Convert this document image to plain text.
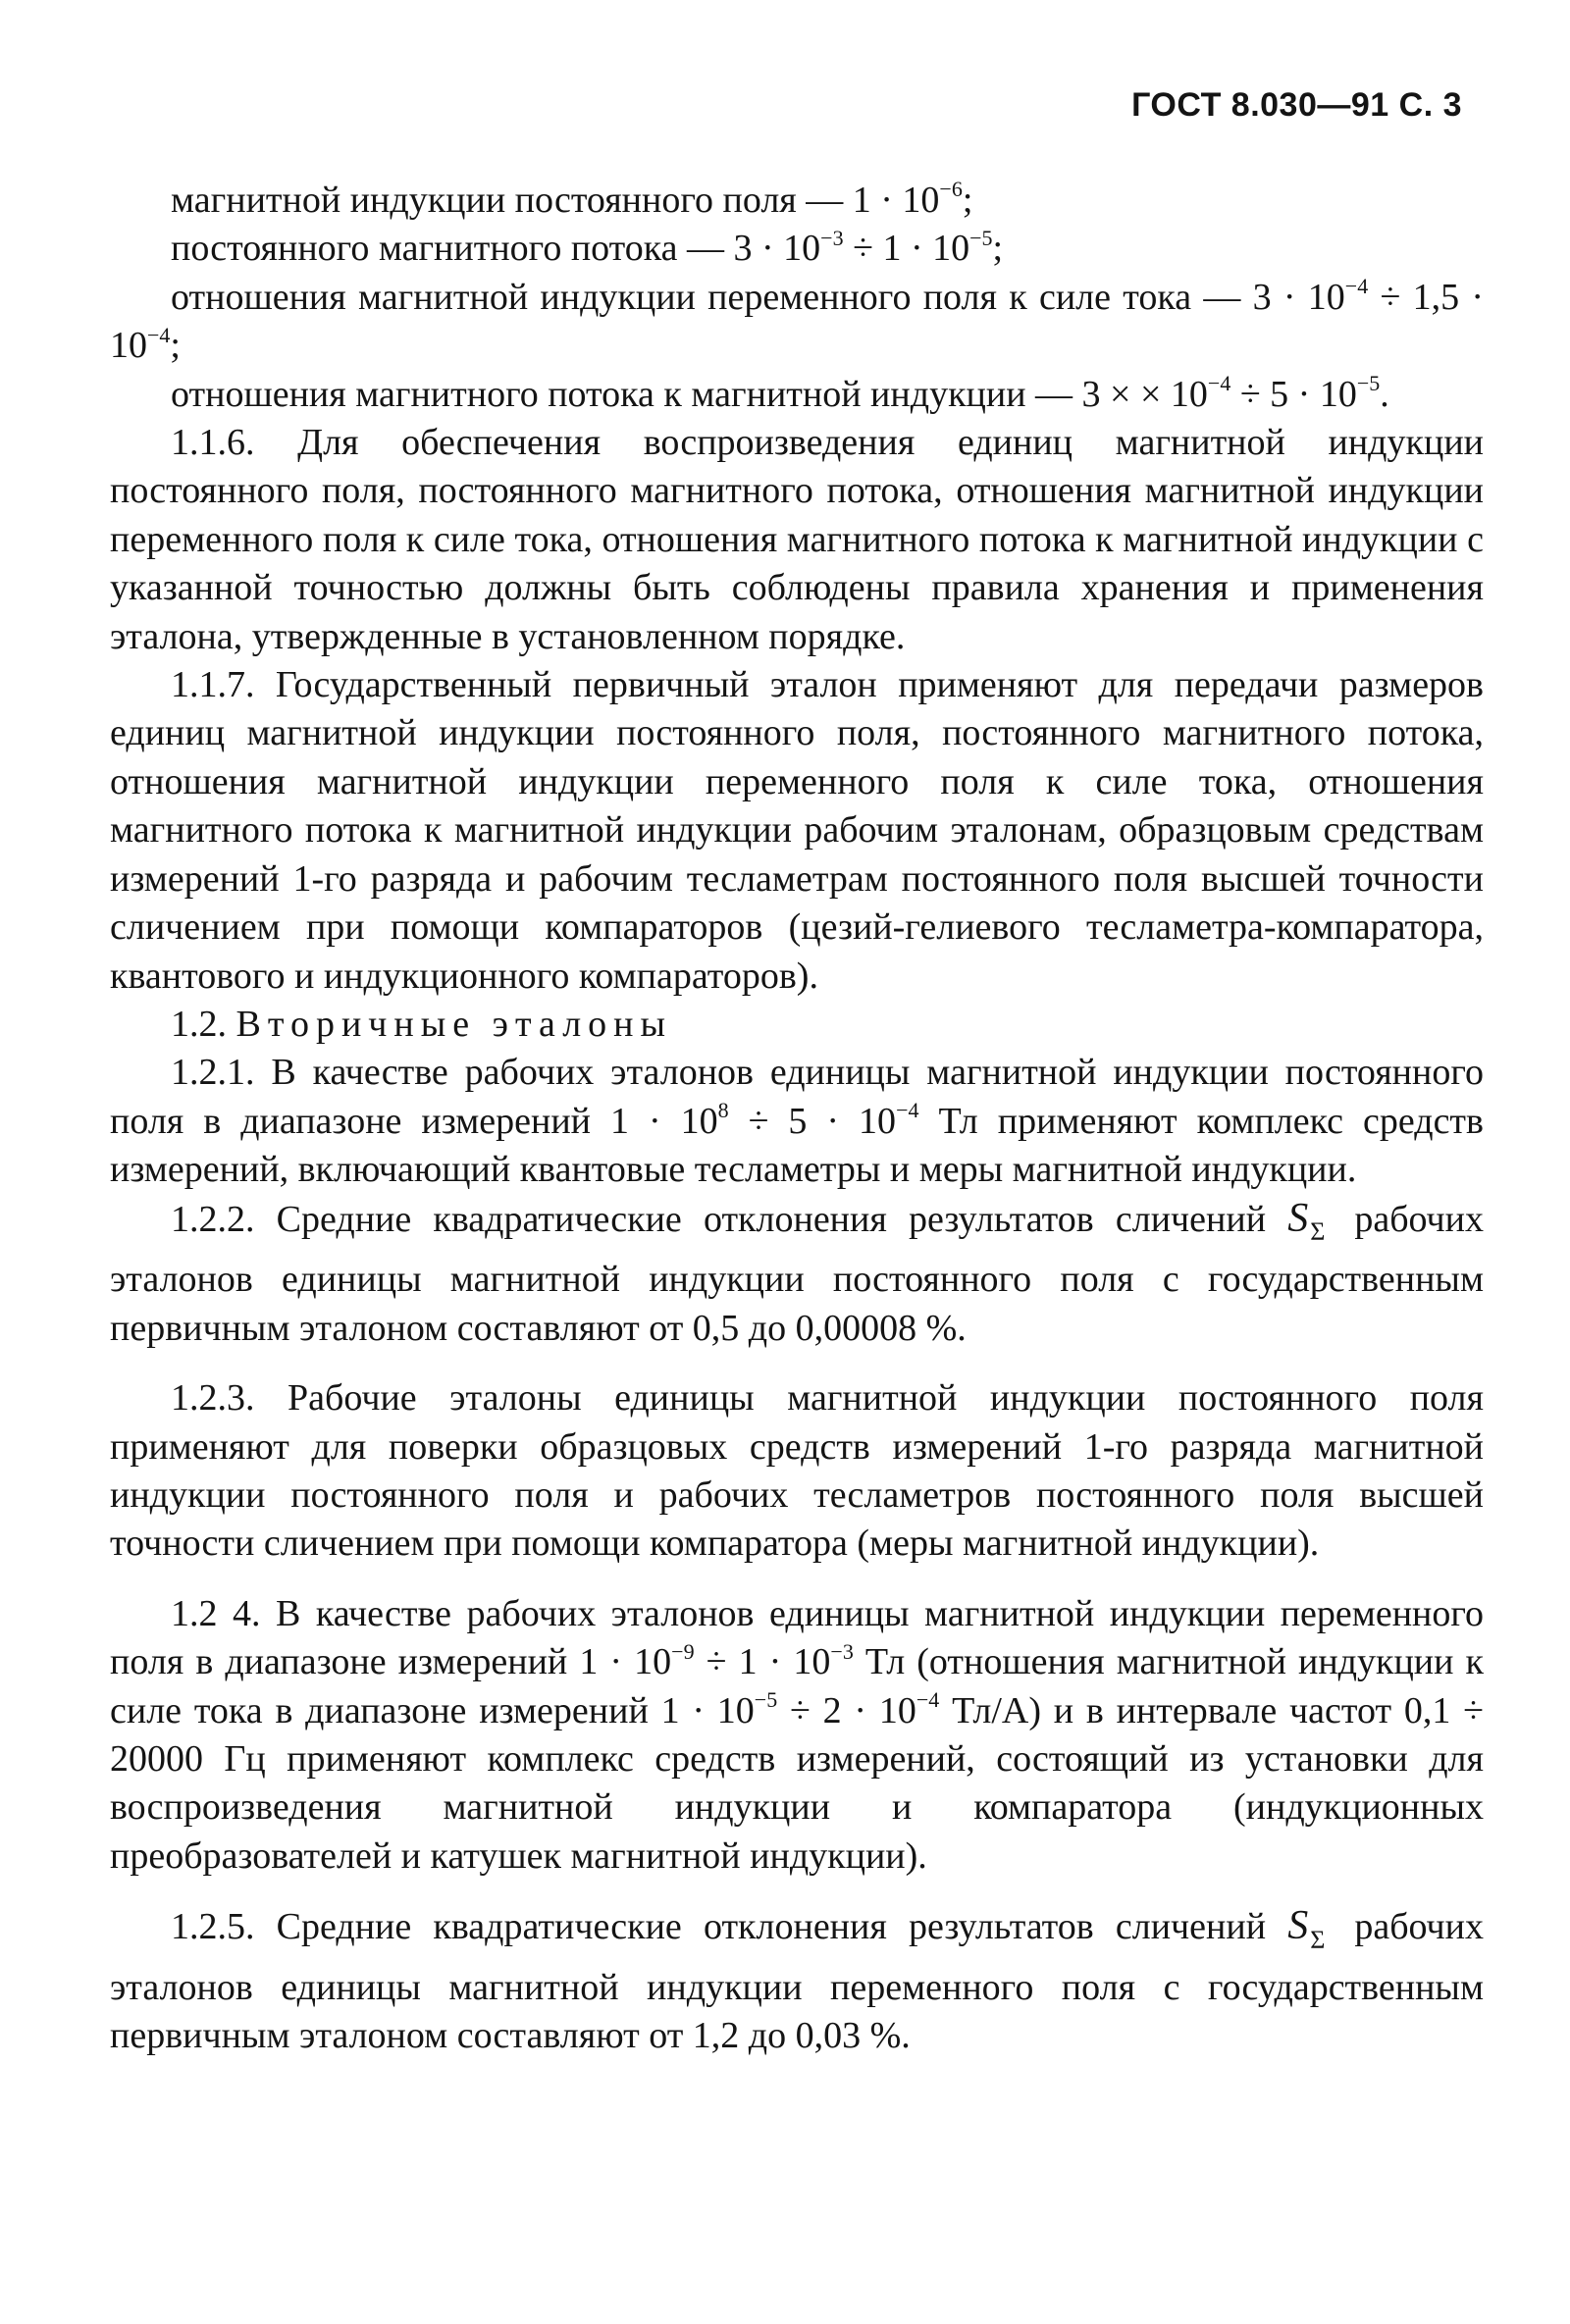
ГОСТ 8.030—91 С. 3
магнитной индукции постоянного поля — $1 \cdot 10^{-6}$;
постоянного магнитного потока — $3 \cdot 10^{-3} \div 1 \cdot 10^{-5}$;
отношения магнитной индукции переменного поля к силе тока — $3 \cdot 10^{-4} \div 1,5 \cdot 10^{-4}$;
отношения магнитного потока к магнитной индукции — 3 × × $10^{-4} \div 5 \cdot 10^{-5}$.
1.1.6. Для обеспечения воспроизведения единиц магнитной индукции постоянного поля, постоянного магнитного потока, отношения магнитной индукции переменного поля к силе тока, отношения магнитного потока к магнитной индукции с указанной точностью должны быть соблюдены правила хранения и применения эталона, утвержденные в установленном порядке.
1.1.7. Государственный первичный эталон применяют для передачи размеров единиц магнитной индукции постоянного поля, постоянного магнитного потока, отношения магнитной индукции переменного поля к силе тока, отношения магнитного потока к магнитной индукции рабочим эталонам, образцовым средствам измерений 1-го разряда и рабочим тесламетрам постоянного поля высшей точности сличением при помощи компараторов (цезий-гелиевого тесламетра-компаратора, квантового и индукционного компараторов).
1.2. Вторичные эталоны
1.2.1. В качестве рабочих эталонов единицы магнитной индукции постоянного поля в диапазоне измерений $1 \cdot 10^8 \div 5 \cdot 10^{-4}$ Тл применяют комплекс средств измерений, включающий квантовые тесламетры и меры магнитной индукции.
1.2.2. Средние квадратические отклонения результатов сличений $S_\Sigma$ рабочих эталонов единицы магнитной индукции постоянного поля с государственным первичным эталоном составляют от 0,5 до 0,00008 %.
1.2.3. Рабочие эталоны единицы магнитной индукции постоянного поля применяют для поверки образцовых средств измерений 1-го разряда магнитной индукции постоянного поля и рабочих тесламетров постоянного поля высшей точности сличением при помощи компаратора (меры магнитной индукции).
1.2 4. В качестве рабочих эталонов единицы магнитной индукции переменного поля в диапазоне измерений $1 \cdot 10^{-9} \div 1 \cdot 10^{-3}$ Тл (отношения магнитной индукции к силе тока в диапазоне измерений $1 \cdot 10^{-5} \div 2 \cdot 10^{-4}$ Тл/А) и в интервале частот 0,1 ÷ 20000 Гц применяют комплекс средств измерений, состоящий из установки для воспроизведения магнитной индукции и компаратора (индукционных преобразователей и катушек магнитной индукции).
1.2.5. Средние квадратические отклонения результатов сличений $S_\Sigma$ рабочих эталонов единицы магнитной индукции переменного поля с государственным первичным эталоном составляют от 1,2 до 0,03 %.
